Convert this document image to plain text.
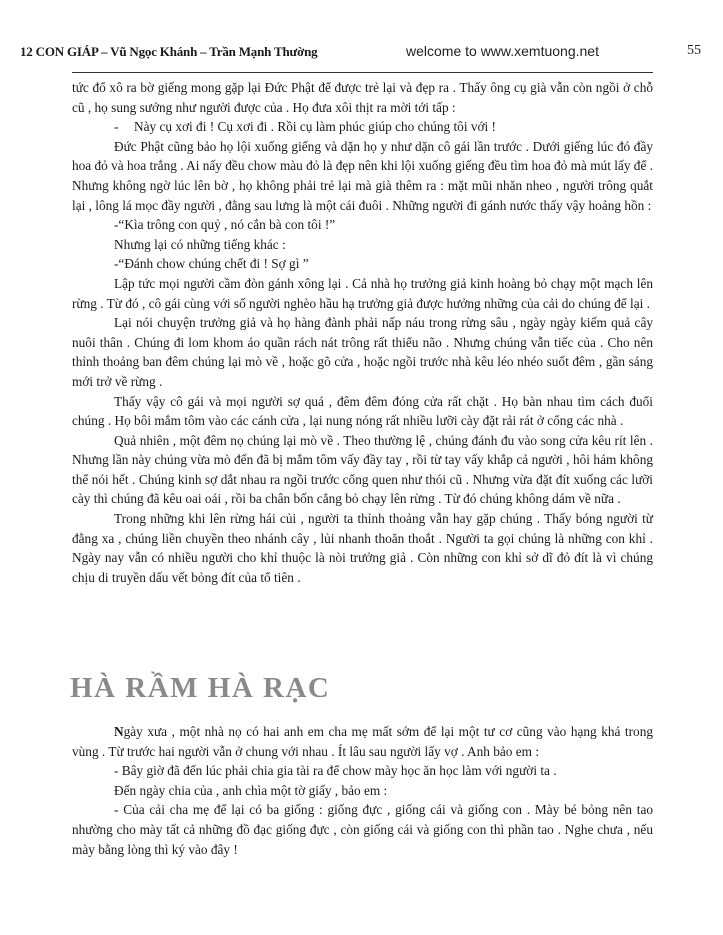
12 CON GIÁP – Vũ Ngọc Khánh – Trần Mạnh Thường	welcome to www.xemtuong.net	55

tức đổ xô ra bờ giếng mong gặp lại Đức Phật để được trẻ lại và đẹp ra . Thấy ông cụ già vẫn còn ngồi ở chỗ cũ , họ sung sướng như người được của . Họ đưa xôi thịt ra mời tới tấp :

- Này cụ xơi đi ! Cụ xơi đi . Rồi cụ làm phúc giúp cho chúng tôi với !

Đức Phật cũng bảo họ lội xuống giếng và dặn họ y như dặn cô gái lần trước . Dưới giếng lúc đó đầy hoa đỏ và hoa trắng . Ai nấy đều chow màu đỏ là đẹp nên khi lội xuống giếng đều tìm hoa đỏ mà mút lấy để . Nhưng không ngờ lúc lên bờ , họ không phải trẻ lại mà già thêm ra : mặt mũi nhăn nheo , người trông quắt lại , lông lá mọc đầy người , đằng sau lưng là một cái đuôi . Những người đi gánh nước thấy vậy hoảng hồn :

-“Kìa trông con quỷ , nó cắn bà con tôi !”

Nhưng lại có những tiếng khác :

-“Đánh chow chúng chết đi ! Sợ gì ”

Lập tức mọi người cầm đòn gánh xông lại . Cả nhà họ trưởng giả kinh hoàng bỏ chạy một mạch lên rừng . Từ đó , cô gái cùng với số người nghèo hầu hạ trưởng giả được hưởng những của cải do chúng để lại .

Lại nói chuyện trưởng giả và họ hàng đành phải nấp náu trong rừng sâu , ngày ngày kiếm quả cây nuôi thân . Chúng đi lom khom áo quần rách nát trông rất thiểu não . Nhưng chúng vẫn tiếc của . Cho nên thỉnh thoảng ban đêm chúng lại mò về , hoặc gõ cửa , hoặc ngồi trước nhà kêu léo nhéo suốt đêm , gần sáng mới trở về rừng .

Thấy vậy cô gái và mọi người sợ quá , đêm đêm đóng cửa rất chặt . Họ bàn nhau tìm cách đuổi chúng . Họ bôi mắm tôm vào các cánh cửa , lại nung nóng rất nhiều lưỡi cày đặt rải rát ở cổng các nhà .

Quả nhiên , một đêm nọ chúng lại mò về . Theo thường lệ , chúng đánh đu vào song cửa kêu rít lên . Nhưng lần này chúng vừa mò đến đã bị mắm tôm vấy đầy tay , rồi từ tay vấy khắp cả người , hôi hám không thể nói hết . Chúng kinh sợ dắt nhau ra ngồi trước cổng quen như thói cũ . Nhưng vừa đặt đít xuống các lưỡi cày thì chúng đã kêu oai oái , rồi ba chân bốn cẳng bỏ chạy lên rừng . Từ đó chúng không dám về nữa .

Trong những khi lên rừng hái củi , người ta thỉnh thoảng vẫn hay gặp chúng . Thấy bóng người từ đằng xa , chúng liền chuyền theo nhánh cây , lủi nhanh thoăn thoắt . Người ta gọi chúng là những con khỉ . Ngày nay vẫn có nhiều người cho khỉ thuộc là nòi trưởng giả . Còn những con khỉ sở dĩ đỏ đít là vì chúng chịu di truyền dấu vết bỏng đít của tổ tiên .

HÀ RẦM HÀ RẠC

Ngày xưa , một nhà nọ có hai anh em cha mẹ mất sớm để lại một tư cơ cũng vào hạng khá trong vùng . Từ trước hai người vẫn ở chung với nhau . Ít lâu sau người lấy vợ . Anh bảo em :

- Bây giờ đã đến lúc phải chia gia tài ra để chow mày học ăn học làm với người ta .

Đến ngày chia của , anh chìa một tờ giấy , bảo em :

- Của cải cha mẹ để lại có ba giống : giống đực , giống cái và giống con . Mày bé bỏng nên tao nhường cho mày tất cả những đồ đạc giống đực , còn giống cái và giống con thì phần tao . Nghe chưa , nếu mày bằng lòng thì ký vào đây !
